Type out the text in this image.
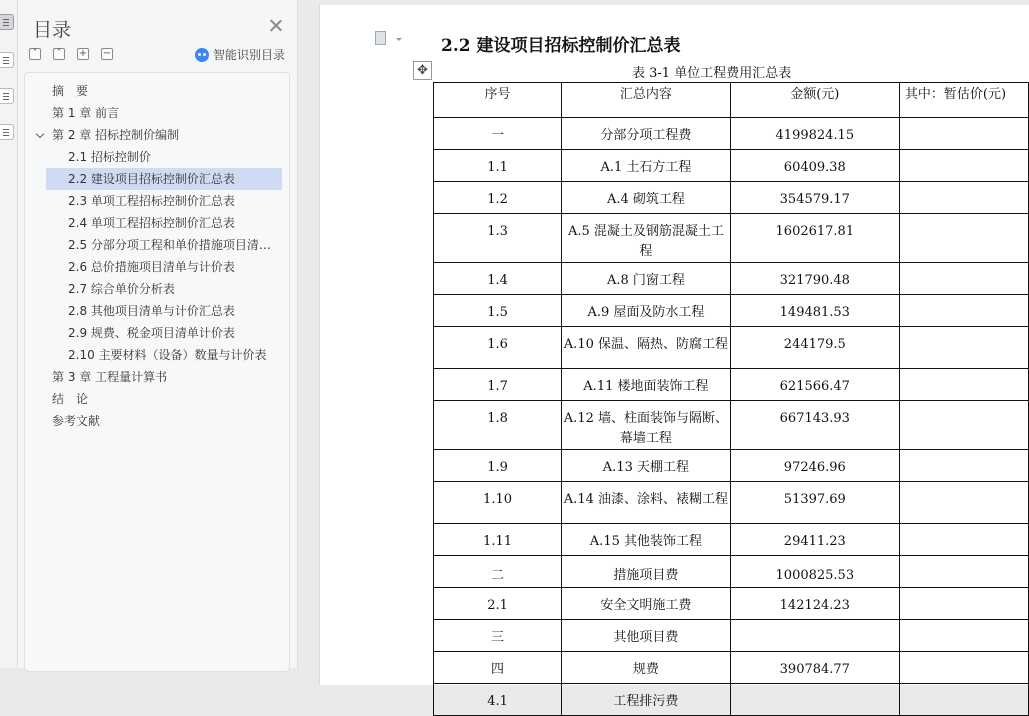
目录
˅	˄	+ −	智能识别目录
摘　要
第 1 章 前言
第 2 章 招标控制价编制
2.1 招标控制价
2.2 建设项目招标控制价汇总表
2.3 单项工程招标控制价汇总表
2.4 单项工程招标控制价汇总表
2.5 分部分项工程和单价措施项目清…
2.6 总价措施项目清单与计价表
2.7 综合单价分析表
2.8 其他项目清单与计价汇总表
2.9 规费、税金项目清单计价表
2.10 主要材料（设备）数量与计价表
第 3 章 工程量计算书
结　论
参考文献
2.2 建设项目招标控制价汇总表
✥	表 3-1 单位工程费用汇总表
序号	汇总内容	金额(元)	其中：暂估价(元)
一	分部分项工程费	4199824.15	
1.1	A.1 土石方工程	60409.38	
1.2	A.4 砌筑工程	354579.17	
1.3	A.5 混凝土及钢筋混凝土工程	1602617.81	
1.4	A.8 门窗工程	321790.48	
1.5	A.9 屋面及防水工程	149481.53	
1.6	A.10 保温、隔热、防腐工程	244179.5	
1.7	A.11 楼地面装饰工程	621566.47	
1.8	A.12 墙、柱面装饰与隔断、幕墙工程	667143.93	
1.9	A.13 天棚工程	97246.96	
1.10	A.14 油漆、涂料、裱糊工程	51397.69	
1.11	A.15 其他装饰工程	29411.23	
二	措施项目费	1000825.53	
2.1	安全文明施工费	142124.23	
三	其他项目费		
四	规费	390784.77	
4.1	工程排污费		
